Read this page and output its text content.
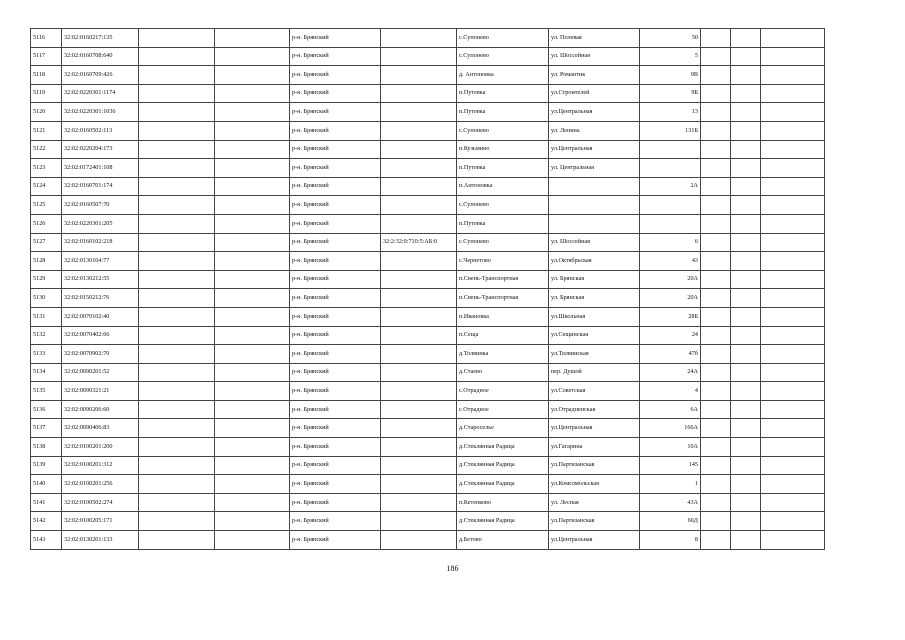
5116	32:02:0160217:135			р-н. Брянский		с.Супонево	ул. Полевая	50			
5117	32:02:0160708:640			р-н. Брянский		с.Супонево	ул. Шоссейная	5			
5118	32:02:0160709:426			р-н. Брянский		д. Антоновка	ул. Романтик	9В			
5119	32:02:0220301:1174			р-н. Брянский		п.Путевка	ул.Строителей	9Б			
5120	32:02:0220301:1036			р-н. Брянский		п.Путевка	ул.Центральная	13			
5121	32:02:0160502:113			р-н. Брянский		с.Супонево	ул. Ленина	131Б			
5122	32:02:0220204:173			р-н. Брянский		п.Кузьмино	ул.Центральная				
5123	32:02:0172401:108			р-н. Брянский		п.Путевка	ул. Центральная				
5124	32:02:0160701:174			р-н. Брянский		п.Антоновка		2А			
5125	32:02:0160507:70			р-н. Брянский		с.Супонево					
5126	32:02:0220301:205			р-н. Брянский		п.Путевка					
5127	32:02:0160102:218			р-н. Брянский	32:2:32:0:710:5:АБ:0	с.Супонево	ул. Шоссейная	6			
5128	32:02:0130104:77			р-н. Брянский		с.Чернетово	ул.Октябрьская	43			
5129	32:02:0130212:55			р-н. Брянский		п.Свень-Транспортная	ул. Брянская	20А			
5130	32:02:0150212:76			р-н. Брянский		п.Свень-Транспортная	ул. Брянская	20А			
5131	32:02:0070102:40			р-н. Брянский		п.Ивановка	ул.Школьная	28Б			
5132	32:02:0070402:66			р-н. Брянский		п.Сеща	ул.Сещинская	24			
5133	32:02:0070902:70			р-н. Брянский		д.Толвинка	ул.Толвинская	47б			
5134	32:02:0090201:52			р-н. Брянский		д.Стаево	пер. Душой	24А			
5135	32:02:0090321:21			р-н. Брянский		с.Отрадное	ул.Советская	4			
5136	32:02:0090206:60			р-н. Брянский		с.Отрадное	ул.Отрадненская	6А			
5137	32:02:0090406:83			р-н. Брянский		д.Староселье	ул.Центральная	166А			
5138	32:02:0100201:200			р-н. Брянский		д.Стеклянная Радица	ул.Гагарина	10А			
5139	32:02:0100201:312			р-н. Брянский		д.Стеклянная Радица	ул.Партизанская	145			
5140	32:02:0100201:256			р-н. Брянский		д.Стеклянная Радица	ул.Комсомольская	1			
5141	32:02:0100502:274			р-н. Брянский		п.Кетенково	ул. Лесная	43А			
5142	32:02:0100205:171			р-н. Брянский		д.Стеклянная Радица	ул.Партизанская	60Д			
5143	32:02:0130201:133			р-н. Брянский		д.Бетово	ул.Центральная	8			
186
